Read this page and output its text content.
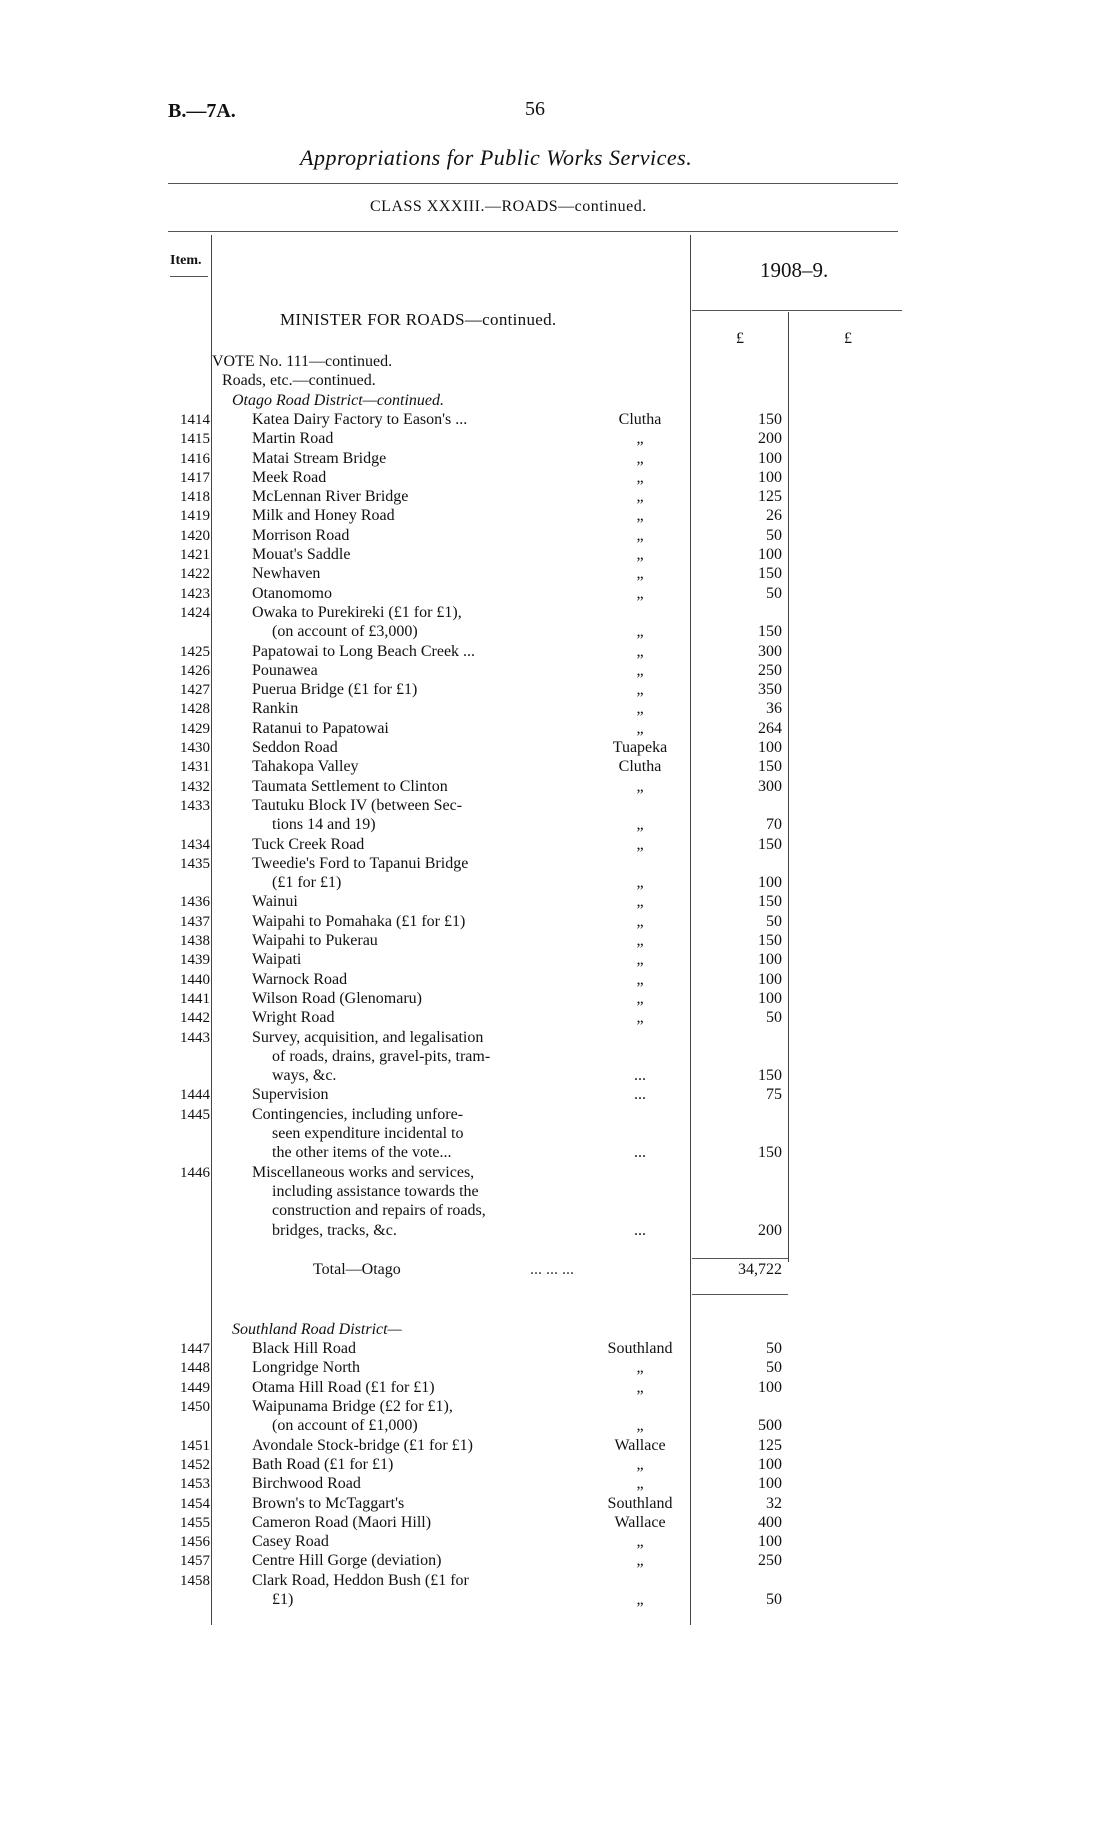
B.—7A.	56
Appropriations for Public Works Services.
CLASS XXXIII.—ROADS—continued.
Item.	1908–9.
MINISTER FOR ROADS—continued.
£	£
VOTE No. 111—continued.
Roads, etc.—continued.
Otago Road District—continued.
1414	Katea Dairy Factory to Eason's ...	Clutha	150
1415	Martin Road	„	200
1416	Matai Stream Bridge	„	100
1417	Meek Road	„	100
1418	McLennan River Bridge	„	125
1419	Milk and Honey Road	„	26
1420	Morrison Road	„	50
1421	Mouat's Saddle	„	100
1422	Newhaven	„	150
1423	Otanomomo	„	50
1424	Owaka to Purekireki (£1 for £1),
(on account of £3,000)	„	150
1425	Papatowai to Long Beach Creek ...	„	300
1426	Pounawea	„	250
1427	Puerua Bridge (£1 for £1)	„	350
1428	Rankin	„	36
1429	Ratanui to Papatowai	„	264
1430	Seddon Road	Tuapeka	100
1431	Tahakopa Valley	Clutha	150
1432	Taumata Settlement to Clinton	„	300
1433	Tautuku Block IV (between Sec-
tions 14 and 19)	„	70
1434	Tuck Creek Road	„	150
1435	Tweedie's Ford to Tapanui Bridge
(£1 for £1)	„	100
1436	Wainui	„	150
1437	Waipahi to Pomahaka (£1 for £1)	„	50
1438	Waipahi to Pukerau	„	150
1439	Waipati	„	100
1440	Warnock Road	„	100
1441	Wilson Road (Glenomaru)	„	100
1442	Wright Road	„	50
1443	Survey, acquisition, and legalisation
of roads, drains, gravel-pits, tram-
ways, &c.	...	150
1444	Supervision	...	75
1445	Contingencies, including unfore-
seen expenditure incidental to
the other items of the vote...	...	150
1446	Miscellaneous works and services,
including assistance towards the
construction and repairs of roads,
bridges, tracks, &c.	...	200
Total—Otago	... ... ...	34,722
Southland Road District—
1447	Black Hill Road	Southland	50
1448	Longridge North	„	50
1449	Otama Hill Road (£1 for £1)	„	100
1450	Waipunama Bridge (£2 for £1),
(on account of £1,000)	„	500
1451	Avondale Stock-bridge (£1 for £1)	Wallace	125
1452	Bath Road (£1 for £1)	„	100
1453	Birchwood Road	„	100
1454	Brown's to McTaggart's	Southland	32
1455	Cameron Road (Maori Hill)	Wallace	400
1456	Casey Road	„	100
1457	Centre Hill Gorge (deviation)	„	250
1458	Clark Road, Heddon Bush (£1 for
£1)	„	50
